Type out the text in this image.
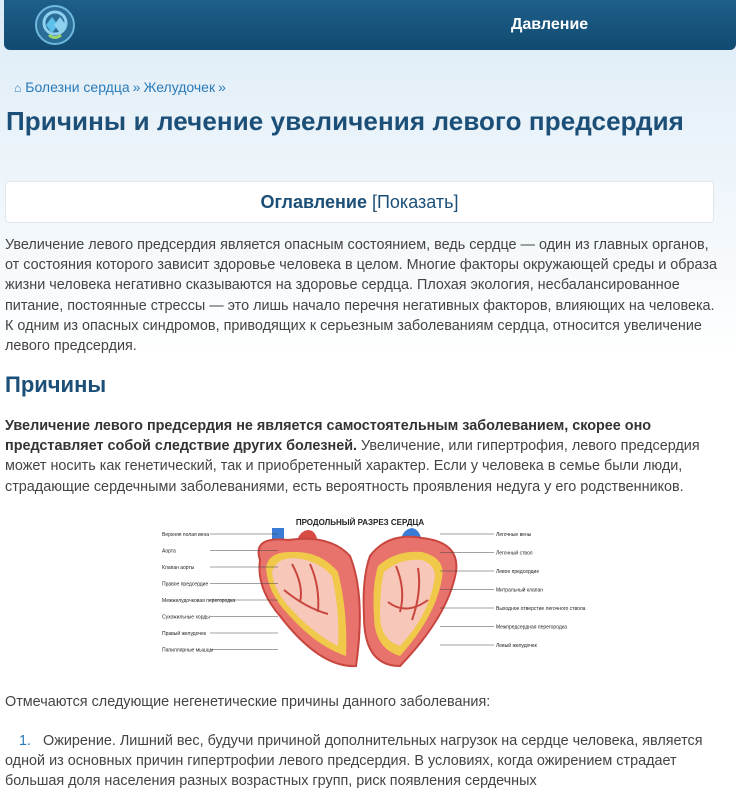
Давление
⌂ Болезни сердца » Желудочек »
Причины и лечение увеличения левого предсердия
Оглавление [Показать]

Увеличение левого предсердия является опасным состоянием, ведь сердце — один из главных органов, от состояния которого зависит здоровье человека в целом. Многие факторы окружающей среды и образа жизни человека негативно сказываются на здоровье сердца. Плохая экология, несбалансированное питание, постоянные стрессы — это лишь начало перечня негативных факторов, влияющих на человека. К одним из опасных синдромов, приводящих к серьезным заболеваниям сердца, относится увеличение левого предсердия.

Причины

Увеличение левого предсердия не является самостоятельным заболеванием, скорее оно представляет собой следствие других болезней. Увеличение, или гипертрофия, левого предсердия может носить как генетический, так и приобретенный характер. Если у человека в семье были люди, страдающие сердечными заболеваниями, есть вероятность проявления недуга у его родственников.

ПРОДОЛЬНЫЙ РАЗРЕЗ СЕРДЦА
Верхняя полая вена
Аорта
Клапан аорты
Правое предсердие
Межжелудочковая перегородка
Сухожильные хорды
Правый желудочек
Папиллярные мышцы
Легочные вены
Легочный ствол
Левое предсердие
Митральный клапан
Выходное отверстие легочного ствола
Межпредсердная перегородка
Левый желудочек

Отмечаются следующие негенетические причины данного заболевания:

1. Ожирение. Лишний вес, будучи причиной дополнительных нагрузок на сердце человека, является одной из основных причин гипертрофии левого предсердия. В условиях, когда ожирением страдает большая доля населения разных возрастных групп, риск появления сердечных
